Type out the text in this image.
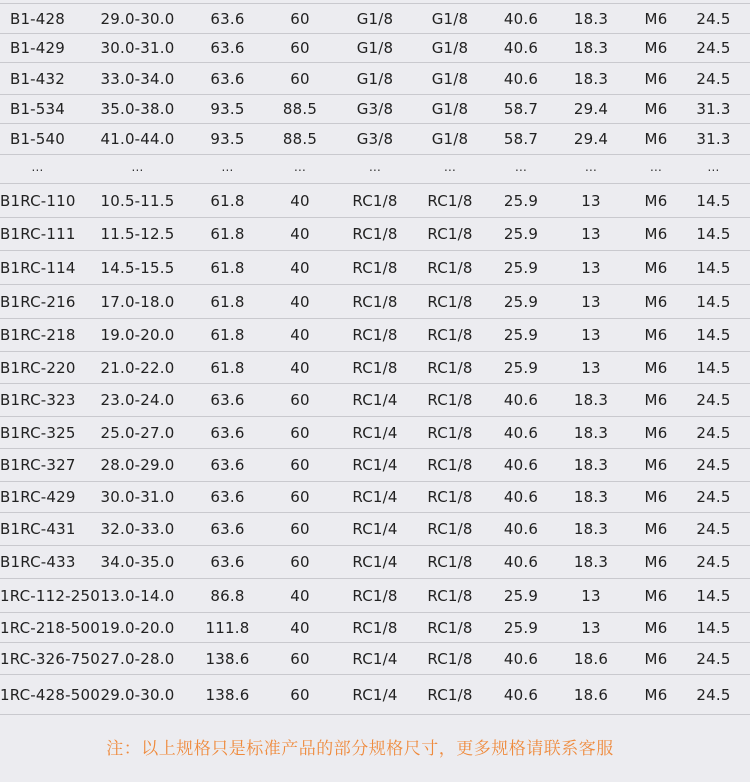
B1-428	29.0-30.0	63.6	60	G1/8	G1/8	40.6	18.3	M6	24.5
B1-429	30.0-31.0	63.6	60	G1/8	G1/8	40.6	18.3	M6	24.5
B1-432	33.0-34.0	63.6	60	G1/8	G1/8	40.6	18.3	M6	24.5
B1-534	35.0-38.0	93.5	88.5	G3/8	G1/8	58.7	29.4	M6	31.3
B1-540	41.0-44.0	93.5	88.5	G3/8	G1/8	58.7	29.4	M6	31.3
…	…	…	…	…	…	…	…	…	…
B1RC-110	10.5-11.5	61.8	40	RC1/8	RC1/8	25.9	13	M6	14.5
B1RC-111	11.5-12.5	61.8	40	RC1/8	RC1/8	25.9	13	M6	14.5
B1RC-114	14.5-15.5	61.8	40	RC1/8	RC1/8	25.9	13	M6	14.5
B1RC-216	17.0-18.0	61.8	40	RC1/8	RC1/8	25.9	13	M6	14.5
B1RC-218	19.0-20.0	61.8	40	RC1/8	RC1/8	25.9	13	M6	14.5
B1RC-220	21.0-22.0	61.8	40	RC1/8	RC1/8	25.9	13	M6	14.5
B1RC-323	23.0-24.0	63.6	60	RC1/4	RC1/8	40.6	18.3	M6	24.5
B1RC-325	25.0-27.0	63.6	60	RC1/4	RC1/8	40.6	18.3	M6	24.5
B1RC-327	28.0-29.0	63.6	60	RC1/4	RC1/8	40.6	18.3	M6	24.5
B1RC-429	30.0-31.0	63.6	60	RC1/4	RC1/8	40.6	18.3	M6	24.5
B1RC-431	32.0-33.0	63.6	60	RC1/4	RC1/8	40.6	18.3	M6	24.5
B1RC-433	34.0-35.0	63.6	60	RC1/4	RC1/8	40.6	18.3	M6	24.5
1RC-112-250	13.0-14.0	86.8	40	RC1/8	RC1/8	25.9	13	M6	14.5
1RC-218-500	19.0-20.0	111.8	40	RC1/8	RC1/8	25.9	13	M6	14.5
1RC-326-750	27.0-28.0	138.6	60	RC1/4	RC1/8	40.6	18.6	M6	24.5
1RC-428-500	29.0-30.0	138.6	60	RC1/4	RC1/8	40.6	18.6	M6	24.5
注：以上规格只是标准产品的部分规格尺寸，更多规格请联系客服
